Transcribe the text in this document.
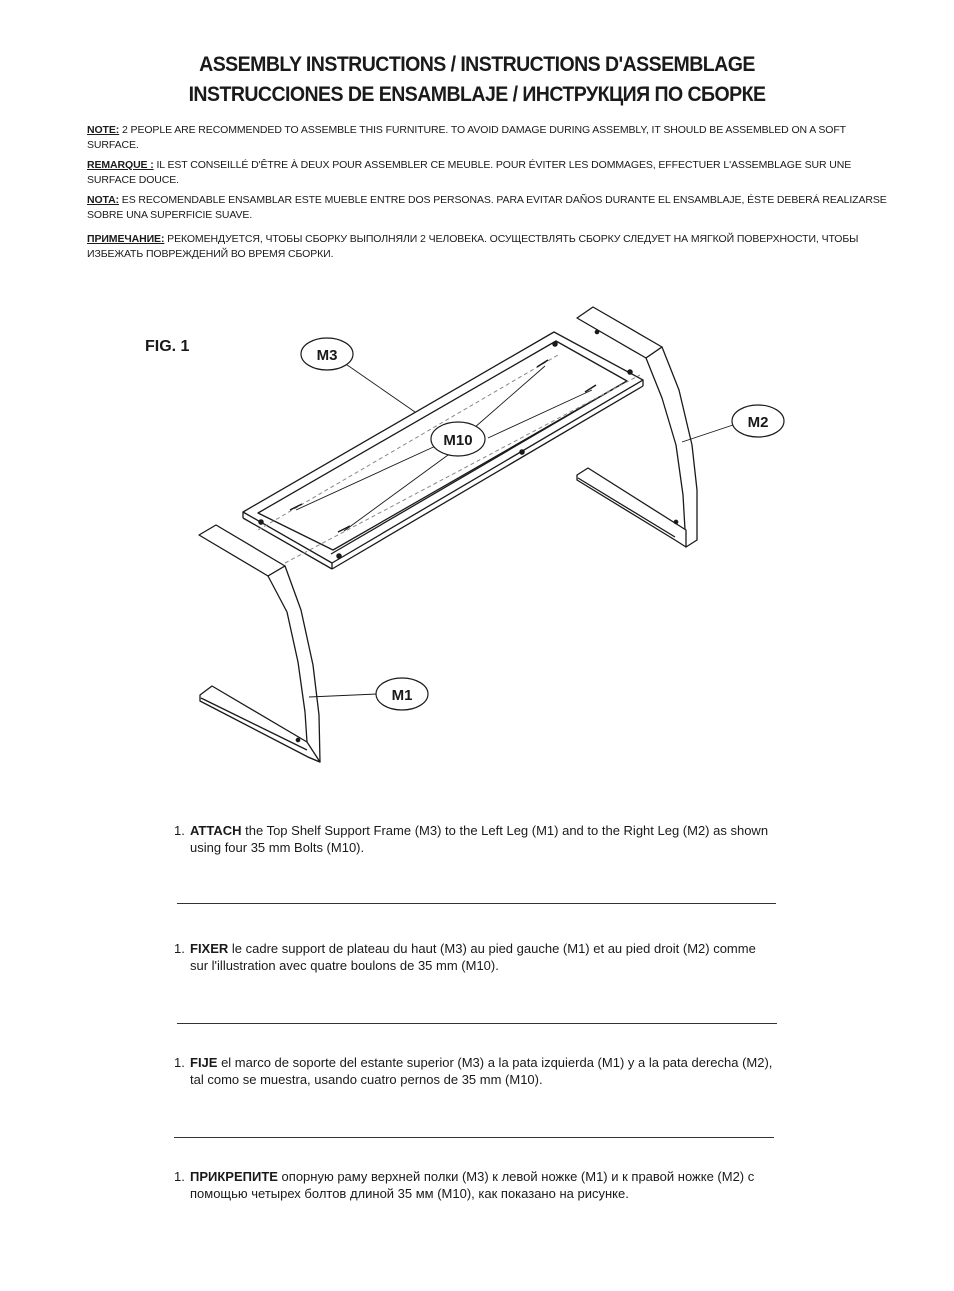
ASSEMBLY INSTRUCTIONS / INSTRUCTIONS D'ASSEMBLAGE
INSTRUCCIONES DE ENSAMBLAJE / ИНСТРУКЦИЯ ПО СБОРКЕ
NOTE: 2 PEOPLE ARE RECOMMENDED TO ASSEMBLE THIS FURNITURE. TO AVOID DAMAGE DURING ASSEMBLY, IT SHOULD BE ASSEMBLED ON A SOFT SURFACE.
REMARQUE : IL EST CONSEILLÉ D'ÊTRE À DEUX POUR ASSEMBLER CE MEUBLE. POUR ÉVITER LES DOMMAGES, EFFECTUER L'ASSEMBLAGE SUR UNE SURFACE DOUCE.
NOTA: ES RECOMENDABLE ENSAMBLAR ESTE MUEBLE ENTRE DOS PERSONAS. PARA EVITAR DAÑOS DURANTE EL ENSAMBLAJE, ÉSTE DEBERÁ REALIZARSE SOBRE UNA SUPERFICIE SUAVE.
ПРИМЕЧАНИЕ: РЕКОМЕНДУЕТСЯ, ЧТОБЫ СБОРКУ ВЫПОЛНЯЛИ 2 ЧЕЛОВЕКА. ОСУЩЕСТВЛЯТЬ СБОРКУ СЛЕДУЕТ НА МЯГКОЙ ПОВЕРХНОСТИ, ЧТОБЫ ИЗБЕЖАТЬ ПОВРЕЖДЕНИЙ ВО ВРЕМЯ СБОРКИ.
M3
M10
M2
M1
FIG. 1
1. ATTACH the Top Shelf Support Frame (M3) to the Left Leg (M1) and to the Right Leg (M2) as shown using four 35 mm Bolts (M10).
1. FIXER le cadre support de plateau du haut (M3) au pied gauche (M1) et au pied droit (M2) comme sur l'illustration avec quatre boulons de 35 mm (M10).
1. FIJE el marco de soporte del estante superior (M3) a la pata izquierda (M1) y a la pata derecha (M2), tal como se muestra, usando cuatro pernos de 35 mm (M10).
1. ПРИКРЕПИТЕ опорную раму верхней полки (M3) к левой ножке (M1) и к правой ножке (M2) с помощью четырех болтов длиной 35 мм (M10), как показано на рисунке.
